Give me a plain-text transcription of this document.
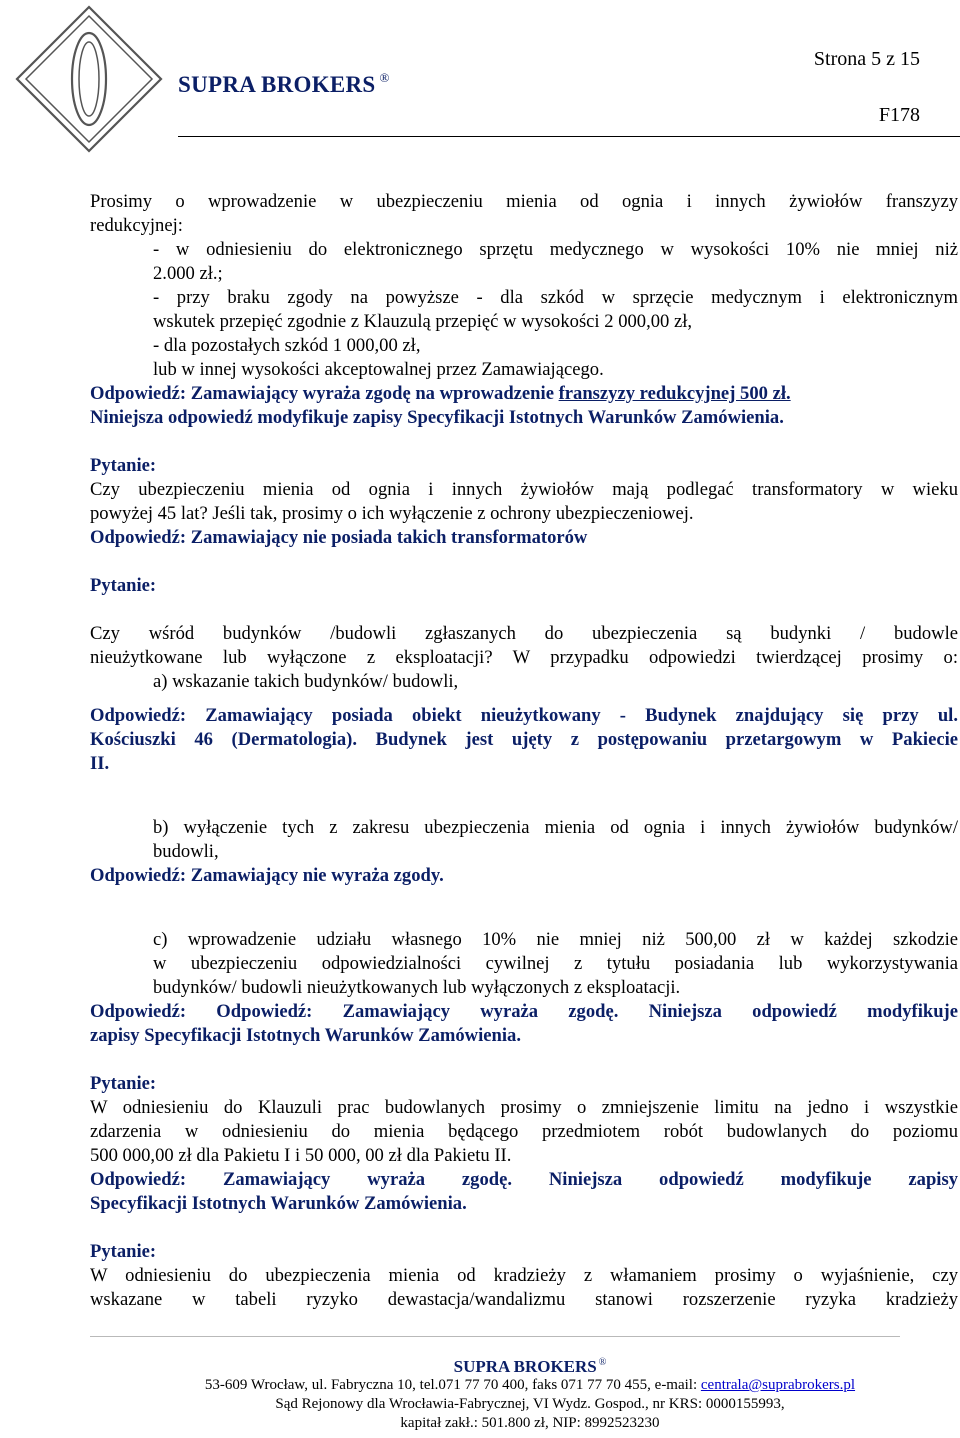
SUPRA BROKERS ®
Strona 5 z 15
F178
Prosimy o wprowadzenie w ubezpieczeniu mienia od ognia i innych żywiołów franszyzy
redukcyjnej:
- w odniesieniu do elektronicznego sprzętu medycznego w wysokości 10% nie mniej niż
2.000 zł.;
- przy braku zgody na powyższe - dla szkód w sprzęcie medycznym i elektronicznym
wskutek przepięć zgodnie z Klauzulą przepięć w wysokości 2 000,00 zł,
- dla pozostałych szkód 1 000,00 zł,
lub w innej wysokości akceptowalnej przez Zamawiającego.
Odpowiedź: Zamawiający wyraża zgodę na wprowadzenie franszyzy redukcyjnej 500 zł.
Niniejsza odpowiedź modyfikuje zapisy Specyfikacji Istotnych Warunków Zamówienia.
Pytanie:
Czy ubezpieczeniu mienia od ognia i innych żywiołów mają podlegać transformatory w wieku
powyżej 45 lat? Jeśli tak, prosimy o ich wyłączenie z ochrony ubezpieczeniowej.
Odpowiedź: Zamawiający nie posiada takich transformatorów
Pytanie:
Czy wśród budynków /budowli zgłaszanych do ubezpieczenia są budynki / budowle
nieużytkowane lub wyłączone z eksploatacji? W przypadku odpowiedzi twierdzącej prosimy o:
a) wskazanie takich budynków/ budowli,
Odpowiedź: Zamawiający posiada obiekt nieużytkowany - Budynek znajdujący się przy ul.
Kościuszki 46 (Dermatologia). Budynek jest ujęty z postępowaniu przetargowym w Pakiecie
II.
b) wyłączenie tych z zakresu ubezpieczenia mienia od ognia i innych żywiołów budynków/
budowli,
Odpowiedź: Zamawiający nie wyraża zgody.
c) wprowadzenie udziału własnego 10% nie mniej niż 500,00 zł w każdej szkodzie
w ubezpieczeniu odpowiedzialności cywilnej z tytułu posiadania lub wykorzystywania
budynków/ budowli nieużytkowanych lub wyłączonych z eksploatacji.
Odpowiedź: Odpowiedź: Zamawiający wyraża zgodę. Niniejsza odpowiedź modyfikuje
zapisy Specyfikacji Istotnych Warunków Zamówienia.
Pytanie:
W odniesieniu do Klauzuli prac budowlanych prosimy o zmniejszenie limitu na jedno i wszystkie
zdarzenia w odniesieniu do mienia będącego przedmiotem robót budowlanych do poziomu
500 000,00 zł dla Pakietu I i 50 000, 00 zł dla Pakietu II.
Odpowiedź: Zamawiający wyraża zgodę. Niniejsza odpowiedź modyfikuje zapisy
Specyfikacji Istotnych Warunków Zamówienia.
Pytanie:
W odniesieniu do ubezpieczenia mienia od kradzieży z włamaniem prosimy o wyjaśnienie, czy
wskazane w tabeli ryzyko dewastacja/wandalizmu stanowi rozszerzenie ryzyka kradzieży
SUPRA BROKERS ®
53-609 Wrocław, ul. Fabryczna 10, tel.071 77 70 400, faks 071 77 70 455, e-mail: centrala@suprabrokers.pl
Sąd Rejonowy dla Wrocławia-Fabrycznej, VI Wydz. Gospod., nr KRS: 0000155993,
kapitał zakł.: 501.800 zł, NIP: 8992523230
